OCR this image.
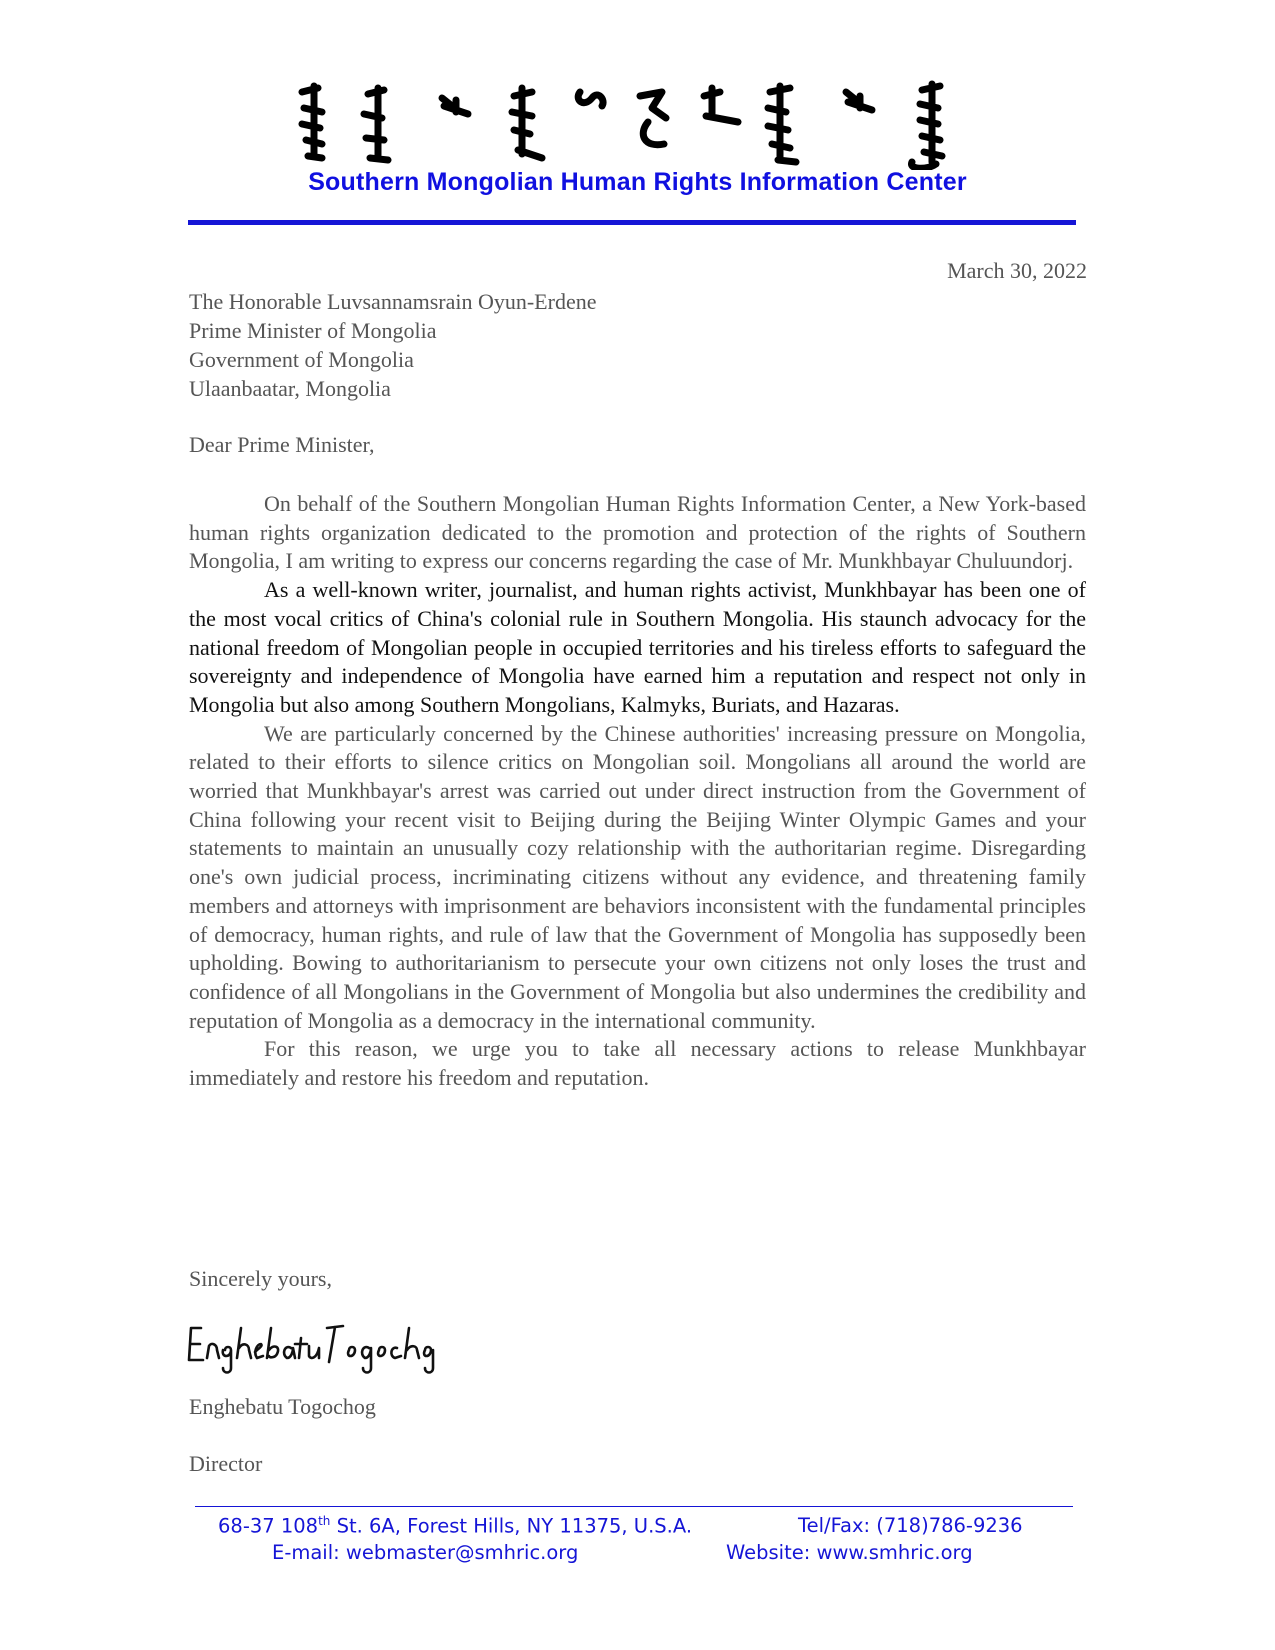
Southern Mongolian Human Rights Information Center
March 30, 2022
The Honorable Luvsannamsrain Oyun-Erdene
Prime Minister of Mongolia
Government of Mongolia
Ulaanbaatar, Mongolia
Dear Prime Minister,

On behalf of the Southern Mongolian Human Rights Information Center, a New York-based human rights organization dedicated to the promotion and protection of the rights of Southern Mongolia, I am writing to express our concerns regarding the case of Mr. Munkhbayar Chuluundorj.

As a well-known writer, journalist, and human rights activist, Munkhbayar has been one of the most vocal critics of China's colonial rule in Southern Mongolia. His staunch advocacy for the national freedom of Mongolian people in occupied territories and his tireless efforts to safeguard the sovereignty and independence of Mongolia have earned him a reputation and respect not only in Mongolia but also among Southern Mongolians, Kalmyks, Buriats, and Hazaras.

We are particularly concerned by the Chinese authorities' increasing pressure on Mongolia, related to their efforts to silence critics on Mongolian soil. Mongolians all around the world are worried that Munkhbayar's arrest was carried out under direct instruction from the Government of China following your recent visit to Beijing during the Beijing Winter Olympic Games and your statements to maintain an unusually cozy relationship with the authoritarian regime. Disregarding one's own judicial process, incriminating citizens without any evidence, and threatening family members and attorneys with imprisonment are behaviors inconsistent with the fundamental principles of democracy, human rights, and rule of law that the Government of Mongolia has supposedly been upholding. Bowing to authoritarianism to persecute your own citizens not only loses the trust and confidence of all Mongolians in the Government of Mongolia but also undermines the credibility and reputation of Mongolia as a democracy in the international community.

For this reason, we urge you to take all necessary actions to release Munkhbayar immediately and restore his freedom and reputation.

Sincerely yours,
Enghebatu Togochog
Director
68-37 108th St. 6A, Forest Hills, NY 11375, U.S.A.	Tel/Fax: (718)786-9236
E-mail: webmaster@smhric.org	Website: www.smhric.org
